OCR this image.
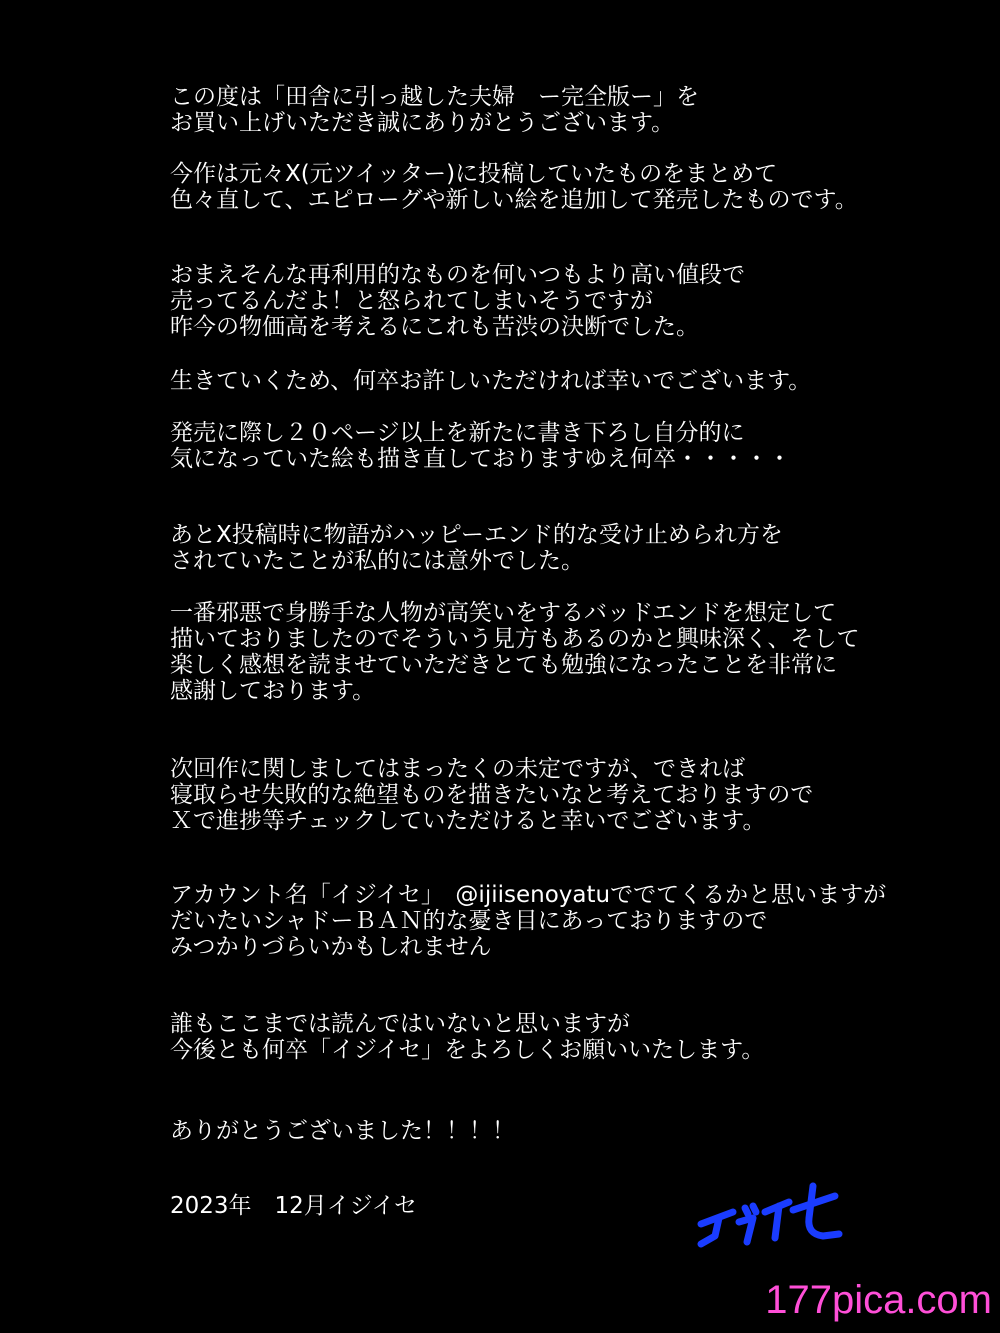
この度は「田舎に引っ越した夫婦　ー完全版ー」を
お買い上げいただき誠にありがとうございます。
今作は元々X(元ツイッター)に投稿していたものをまとめて
色々直して、エピローグや新しい絵を追加して発売したものです。
おまえそんな再利用的なものを何いつもより高い値段で
売ってるんだよ！と怒られてしまいそうですが
昨今の物価高を考えるにこれも苦渋の決断でした。
生きていくため、何卒お許しいただければ幸いでございます。
発売に際し２０ページ以上を新たに書き下ろし自分的に
気になっていた絵も描き直しておりますゆえ何卒・・・・・
あとX投稿時に物語がハッピーエンド的な受け止められ方を
されていたことが私的には意外でした。
一番邪悪で身勝手な人物が高笑いをするバッドエンドを想定して
描いておりましたのでそういう見方もあるのかと興味深く、そして
楽しく感想を読ませていただきとても勉強になったことを非常に
感謝しております。
次回作に関しましてはまったくの未定ですが、できれば
寝取らせ失敗的な絶望ものを描きたいなと考えておりますので
Ｘで進捗等チェックしていただけると幸いでございます。
アカウント名「イジイセ」　@ijiisenoyatuででてくるかと思いますが
だいたいシャドーＢＡＮ的な憂き目にあっておりますので
みつかりづらいかもしれません
誰もここまでは読んではいないと思いますが
今後とも何卒「イジイセ」をよろしくお願いいたします。
ありがとうございました！！！！
2023年　12月イジイセ
177pica.com
